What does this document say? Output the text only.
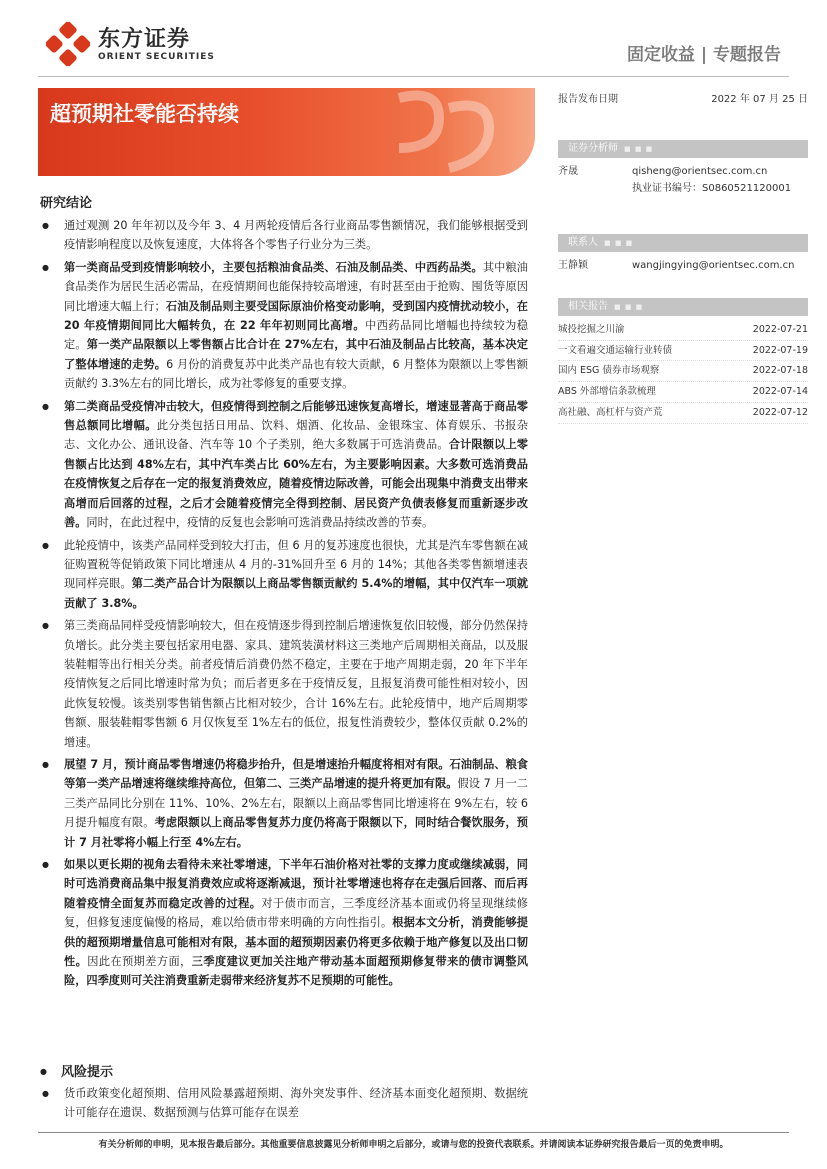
东方证券
ORIENT SECURITIES	固定收益 | 专题报告
超预期社零能否持续
报告发布日期	2022 年 07 月 25 日
证券分析师 ■ ■ ■
齐晟	qisheng@orientsec.com.cn
执业证书编号：S0860521120001
联系人 ■ ■ ■
王静颖	wangjingying@orientsec.com.cn
相关报告 ■ ■ ■
城投挖掘之川渝	2022-07-21
一文看遍交通运输行业转债	2022-07-19
国内 ESG 债券市场观察	2022-07-18
ABS 外部增信条款梳理	2022-07-14
高社融、高杠杆与资产荒	2022-07-12
研究结论
● 通过观测 20 年年初以及今年 3、4 月两轮疫情后各行业商品零售额情况，我们能够根据受到疫情影响程度以及恢复速度，大体将各个零售子行业分为三类。
● 第一类商品受到疫情影响较小，主要包括粮油食品类、石油及制品类、中西药品类。其中粮油食品类作为居民生活必需品，在疫情期间也能保持较高增速，有时甚至由于抢购、囤货等原因同比增速大幅上行；石油及制品则主要受国际原油价格变动影响，受到国内疫情扰动较小，在 20 年疫情期间同比大幅转负，在 22 年年初则同比高增。中西药品同比增幅也持续较为稳定。第一类产品限额以上零售额占比合计在 27%左右，其中石油及制品占比较高，基本决定了整体增速的走势。6 月份的消费复苏中此类产品也有较大贡献，6 月整体为限额以上零售额贡献约 3.3%左右的同比增长，成为社零修复的重要支撑。
● 第二类商品受疫情冲击较大，但疫情得到控制之后能够迅速恢复高增长，增速显著高于商品零售总额同比增幅。此分类包括日用品、饮料、烟酒、化妆品、金银珠宝、体育娱乐、书报杂志、文化办公、通讯设备、汽车等 10 个子类别，绝大多数属于可选消费品。合计限额以上零售额占比达到 48%左右，其中汽车类占比 60%左右，为主要影响因素。大多数可选消费品在疫情恢复之后存在一定的报复消费效应，随着疫情边际改善，可能会出现集中消费支出带来高增而后回落的过程，之后才会随着疫情完全得到控制、居民资产负债表修复而重新逐步改善。同时，在此过程中，疫情的反复也会影响可选消费品持续改善的节奏。
● 此轮疫情中，该类产品同样受到较大打击，但 6 月的复苏速度也很快，尤其是汽车零售额在减征购置税等促销政策下同比增速从 4 月的-31%回升至 6 月的 14%；其他各类零售额增速表现同样亮眼。第二类产品合计为限额以上商品零售额贡献约 5.4%的增幅，其中仅汽车一项就贡献了 3.8%。
● 第三类商品同样受疫情影响较大，但在疫情逐步得到控制后增速恢复依旧较慢，部分仍然保持负增长。此分类主要包括家用电器、家具、建筑装潢材料这三类地产后周期相关商品，以及服装鞋帽等出行相关分类。前者疫情后消费仍然不稳定，主要在于地产周期走弱，20 年下半年疫情恢复之后同比增速时常为负；而后者更多在于疫情反复，且报复消费可能性相对较小，因此恢复较慢。该类别零售销售额占比相对较少，合计 16%左右。此轮疫情中，地产后周期零售额、服装鞋帽零售额 6 月仅恢复至 1%左右的低位，报复性消费较少，整体仅贡献 0.2%的增速。
● 展望 7 月，预计商品零售增速仍将稳步抬升，但是增速抬升幅度将相对有限。石油制品、粮食等第一类产品增速将继续维持高位，但第二、三类产品增速的提升将更加有限。假设 7 月一二三类产品同比分别在 11%、10%、2%左右，限额以上商品零售同比增速将在 9%左右，较 6 月提升幅度有限。考虑限额以上商品零售复苏力度仍将高于限额以下，同时结合餐饮服务，预计 7 月社零将小幅上行至 4%左右。
● 如果以更长期的视角去看待未来社零增速，下半年石油价格对社零的支撑力度或继续减弱，同时可选消费商品集中报复消费效应或将逐渐减退，预计社零增速也将存在走强后回落、而后再随着疫情全面复苏而稳定改善的过程。对于债市而言，三季度经济基本面或仍将呈现继续修复，但修复速度偏慢的格局，难以给债市带来明确的方向性指引。根据本文分析，消费能够提供的超预期增量信息可能相对有限，基本面的超预期因素仍将更多依赖于地产修复以及出口韧性。因此在预期差方面，三季度建议更加关注地产带动基本面超预期修复带来的债市调整风险，四季度则可关注消费重新走弱带来经济复苏不足预期的可能性。
● 风险提示
● 货币政策变化超预期、信用风险暴露超预期、海外突发事件、经济基本面变化超预期、数据统计可能存在遗误、数据预测与估算可能存在误差
有关分析师的申明，见本报告最后部分。其他重要信息披露见分析师申明之后部分，或请与您的投资代表联系。并请阅读本证券研究报告最后一页的免责申明。
